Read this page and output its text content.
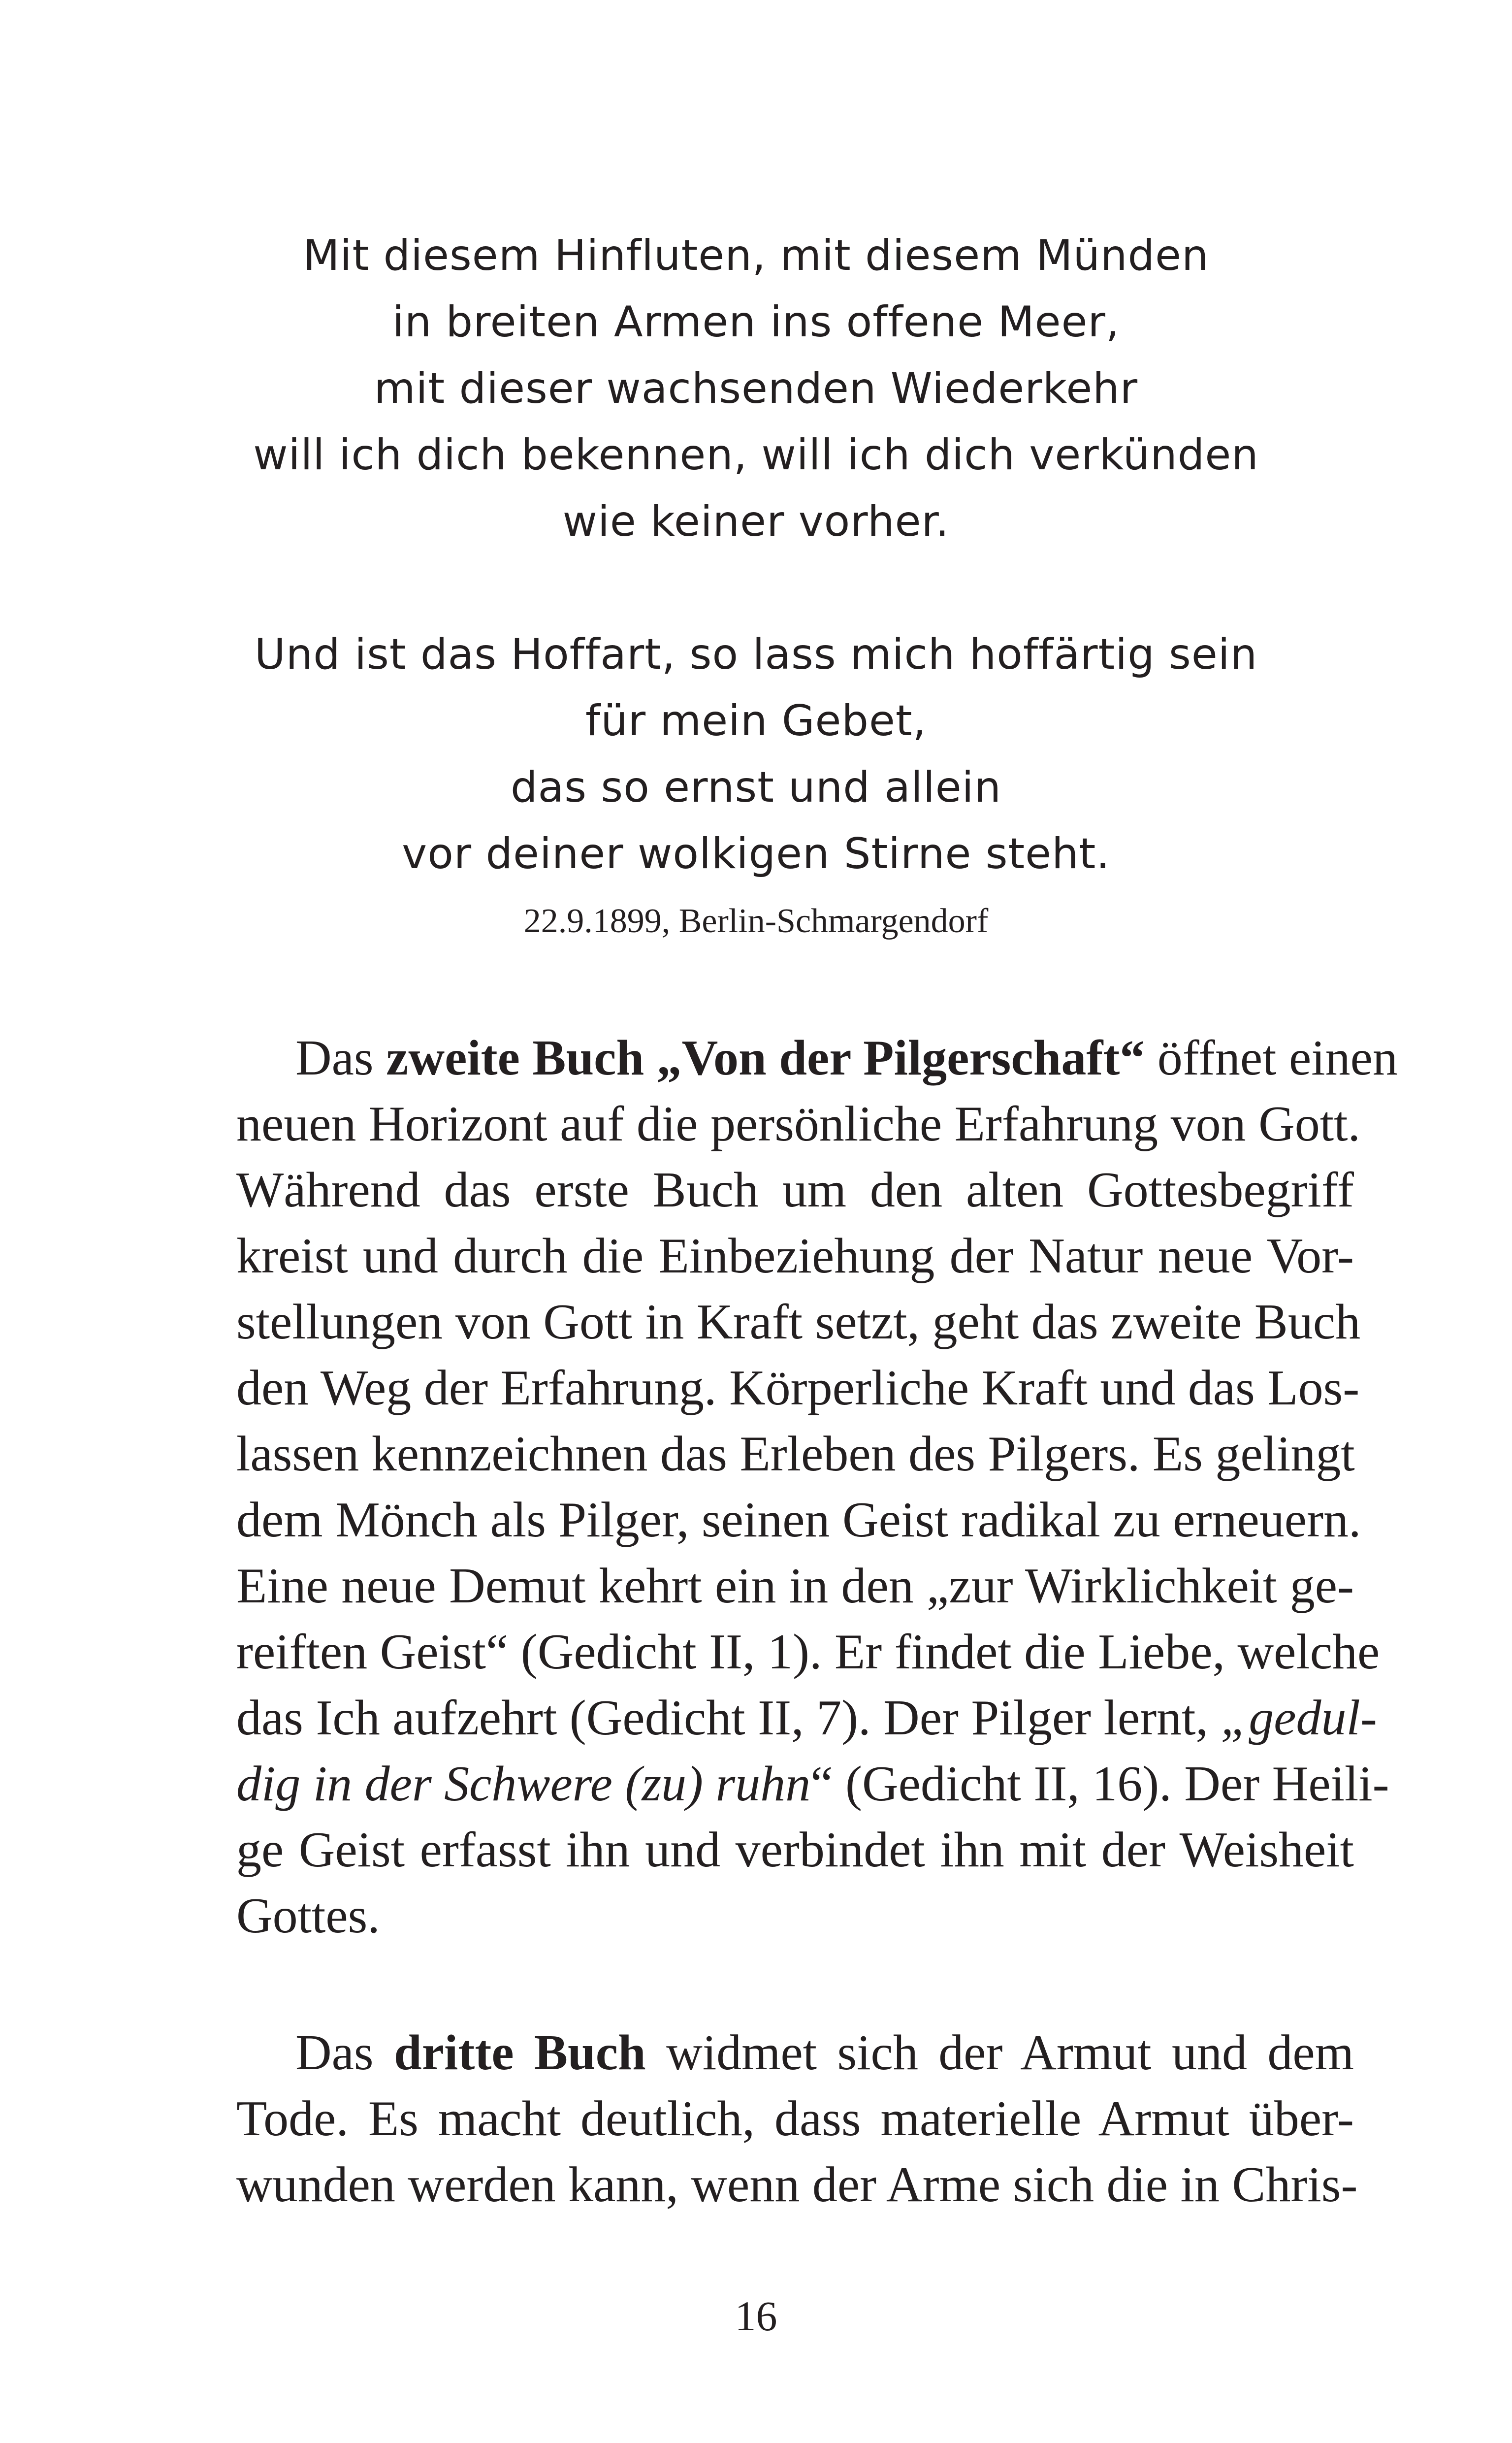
Mit diesem Hinfluten, mit diesem Münden
in breiten Armen ins offene Meer,
mit dieser wachsenden Wiederkehr
will ich dich bekennen, will ich dich verkünden
wie keiner vorher.
Und ist das Hoffart, so lass mich hoffärtig sein
für mein Gebet,
das so ernst und allein
vor deiner wolkigen Stirne steht.
22.9.1899, Berlin-Schmargendorf
Das zweite Buch „Von der Pilgerschaft“ öffnet einen
neuen Horizont auf die persönliche Erfahrung von Gott.
Während das erste Buch um den alten Gottesbegriff
kreist und durch die Einbeziehung der Natur neue Vor-
stellungen von Gott in Kraft setzt, geht das zweite Buch
den Weg der Erfahrung. Körperliche Kraft und das Los-
lassen kennzeichnen das Erleben des Pilgers. Es gelingt
dem Mönch als Pilger, seinen Geist radikal zu erneuern.
Eine neue Demut kehrt ein in den „zur Wirklichkeit ge-
reiften Geist“ (Gedicht II, 1). Er findet die Liebe, welche
das Ich aufzehrt (Gedicht II, 7). Der Pilger lernt, „gedul-
dig in der Schwere (zu) ruhn“ (Gedicht II, 16). Der Heili-
ge Geist erfasst ihn und verbindet ihn mit der Weisheit
Gottes.
Das dritte Buch widmet sich der Armut und dem
Tode. Es macht deutlich, dass materielle Armut über-
wunden werden kann, wenn der Arme sich die in Chris-
16
